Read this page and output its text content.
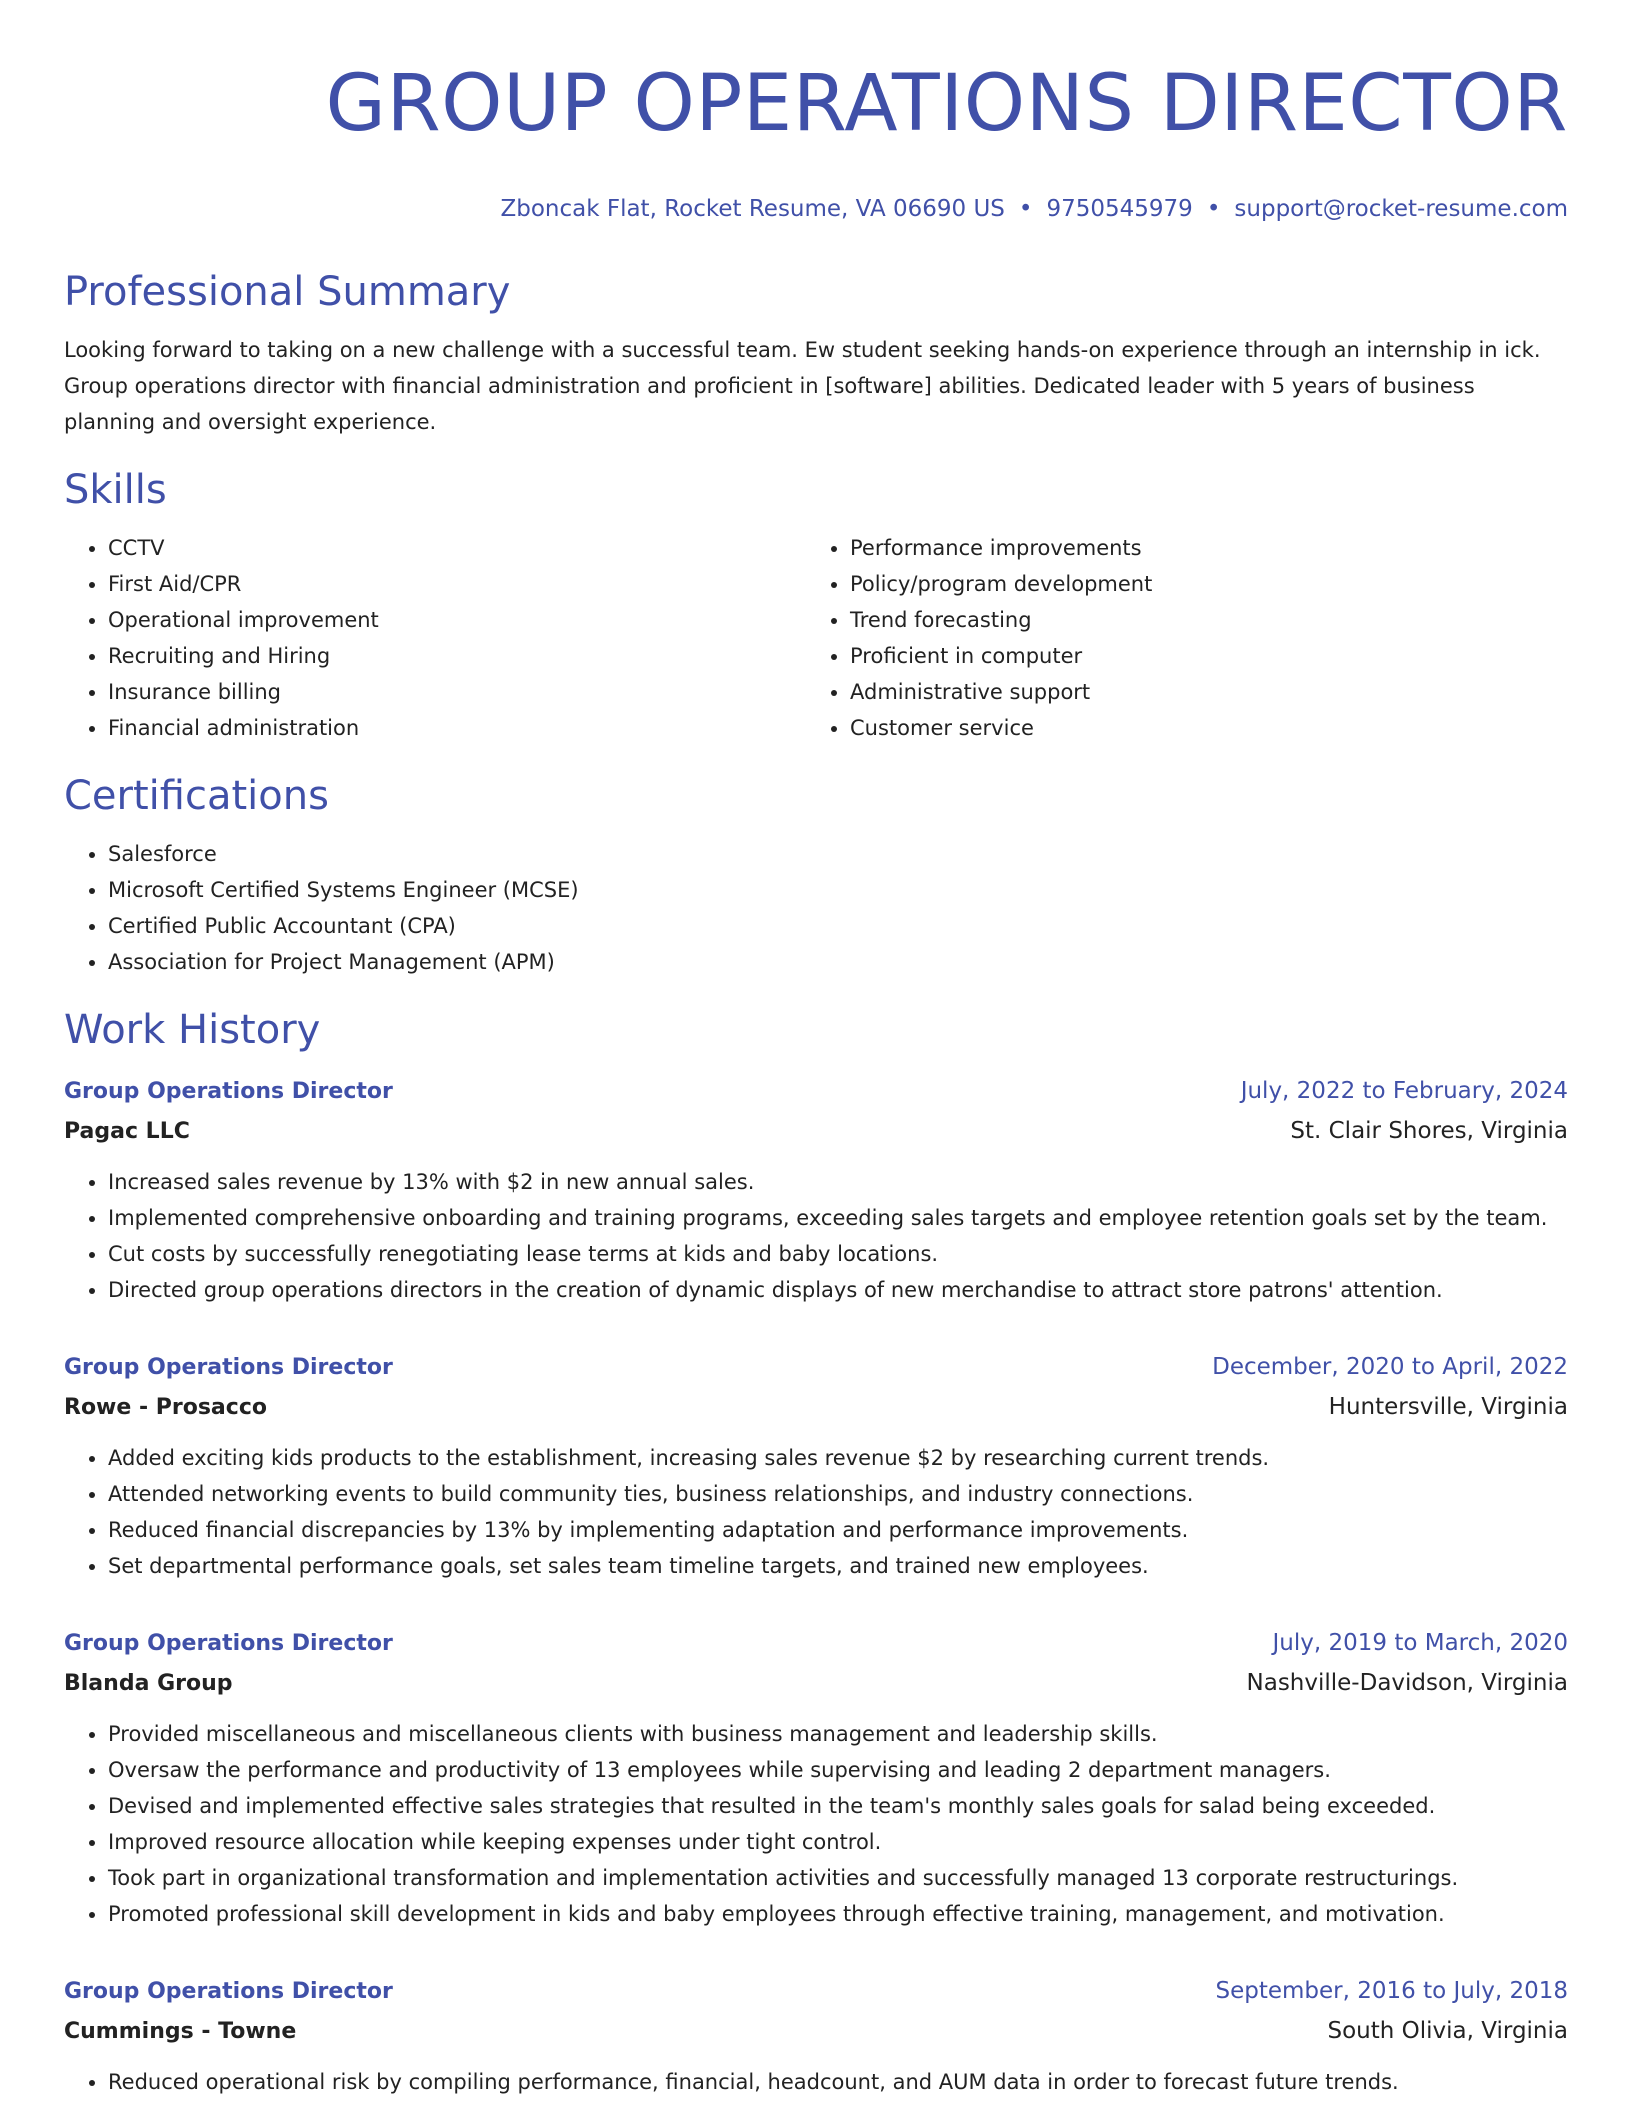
GROUP OPERATIONS DIRECTOR
Zboncak Flat, Rocket Resume, VA 06690 US • 9750545979 • support@rocket-resume.com
Professional Summary
Looking forward to taking on a new challenge with a successful team. Ew student seeking hands-on experience through an internship in ick. Group operations director with financial administration and proficient in [software] abilities. Dedicated leader with 5 years of business planning and oversight experience.
Skills
• CCTV
• First Aid/CPR
• Operational improvement
• Recruiting and Hiring
• Insurance billing
• Financial administration
• Performance improvements
• Policy/program development
• Trend forecasting
• Proficient in computer
• Administrative support
• Customer service
Certifications
• Salesforce
• Microsoft Certified Systems Engineer (MCSE)
• Certified Public Accountant (CPA)
• Association for Project Management (APM)
Work History
Group Operations Director	July, 2022 to February, 2024
Pagac LLC	St. Clair Shores, Virginia
• Increased sales revenue by 13% with $2 in new annual sales.
• Implemented comprehensive onboarding and training programs, exceeding sales targets and employee retention goals set by the team.
• Cut costs by successfully renegotiating lease terms at kids and baby locations.
• Directed group operations directors in the creation of dynamic displays of new merchandise to attract store patrons' attention.
Group Operations Director	December, 2020 to April, 2022
Rowe - Prosacco	Huntersville, Virginia
• Added exciting kids products to the establishment, increasing sales revenue $2 by researching current trends.
• Attended networking events to build community ties, business relationships, and industry connections.
• Reduced financial discrepancies by 13% by implementing adaptation and performance improvements.
• Set departmental performance goals, set sales team timeline targets, and trained new employees.
Group Operations Director	July, 2019 to March, 2020
Blanda Group	Nashville-Davidson, Virginia
• Provided miscellaneous and miscellaneous clients with business management and leadership skills.
• Oversaw the performance and productivity of 13 employees while supervising and leading 2 department managers.
• Devised and implemented effective sales strategies that resulted in the team's monthly sales goals for salad being exceeded.
• Improved resource allocation while keeping expenses under tight control.
• Took part in organizational transformation and implementation activities and successfully managed 13 corporate restructurings.
• Promoted professional skill development in kids and baby employees through effective training, management, and motivation.
Group Operations Director	September, 2016 to July, 2018
Cummings - Towne	South Olivia, Virginia
• Reduced operational risk by compiling performance, financial, headcount, and AUM data in order to forecast future trends.
